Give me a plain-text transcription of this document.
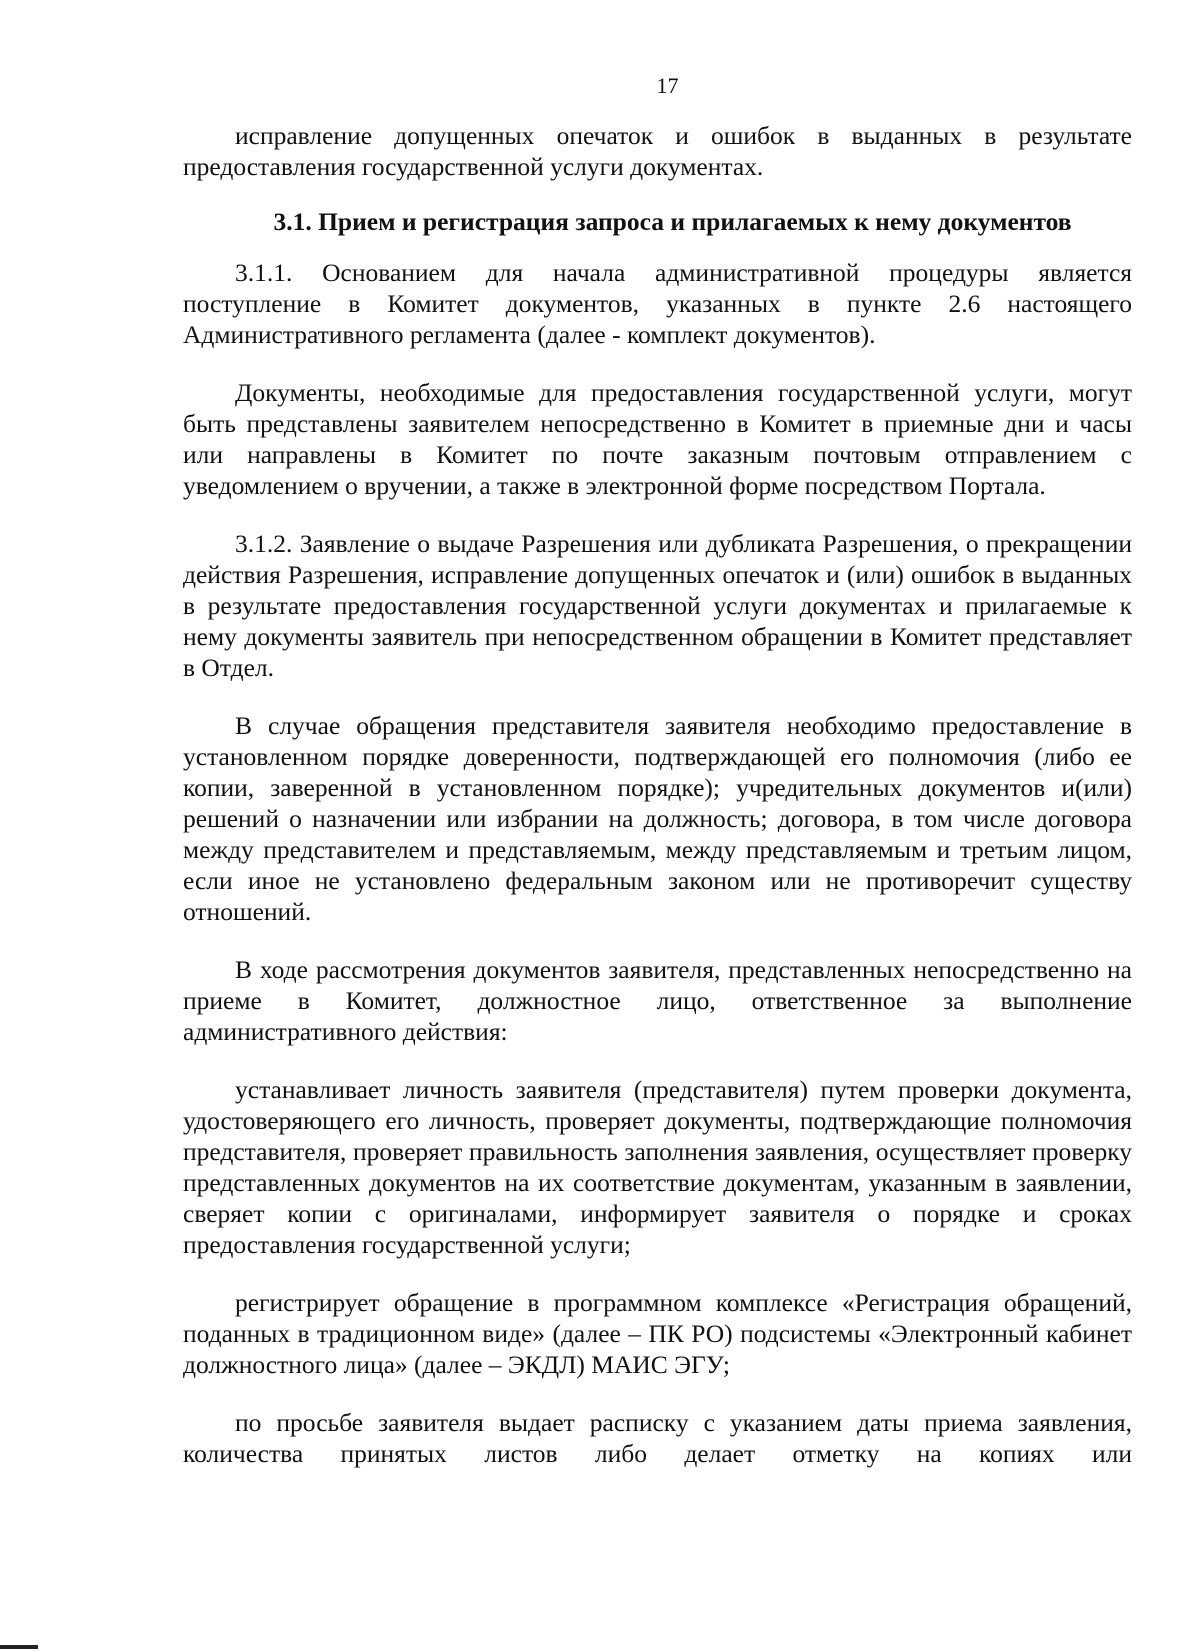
17

исправление допущенных опечаток и ошибок в выданных в результате предоставления государственной услуги документах.

3.1. Прием и регистрация запроса и прилагаемых к нему документов

3.1.1. Основанием для начала административной процедуры является поступление в Комитет документов, указанных в пункте 2.6 настоящего Административного регламента (далее - комплект документов).

Документы, необходимые для предоставления государственной услуги, могут быть представлены заявителем непосредственно в Комитет в приемные дни и часы или направлены в Комитет по почте заказным почтовым отправлением с уведомлением о вручении, а также в электронной форме посредством Портала.

3.1.2. Заявление о выдаче Разрешения или дубликата Разрешения, о прекращении действия Разрешения, исправление допущенных опечаток и (или) ошибок в выданных в результате предоставления государственной услуги документах и прилагаемые к нему документы заявитель при непосредственном обращении в Комитет представляет в Отдел.

В случае обращения представителя заявителя необходимо предоставление в установленном порядке доверенности, подтверждающей его полномочия (либо ее копии, заверенной в установленном порядке); учредительных документов и(или) решений о назначении или избрании на должность; договора, в том числе договора между представителем и представляемым, между представляемым и третьим лицом, если иное не установлено федеральным законом или не противоречит существу отношений.

В ходе рассмотрения документов заявителя, представленных непосредственно на приеме в Комитет, должностное лицо, ответственное за выполнение административного действия:

устанавливает личность заявителя (представителя) путем проверки документа, удостоверяющего его личность, проверяет документы, подтверждающие полномочия представителя, проверяет правильность заполнения заявления, осуществляет проверку представленных документов на их соответствие документам, указанным в заявлении, сверяет копии с оригиналами, информирует заявителя о порядке и сроках предоставления государственной услуги;

регистрирует обращение в программном комплексе «Регистрация обращений, поданных в традиционном виде» (далее – ПК РО) подсистемы «Электронный кабинет должностного лица» (далее – ЭКДЛ) МАИС ЭГУ;

по просьбе заявителя выдает расписку с указанием даты приема заявления, количества принятых листов либо делает отметку на копиях или
